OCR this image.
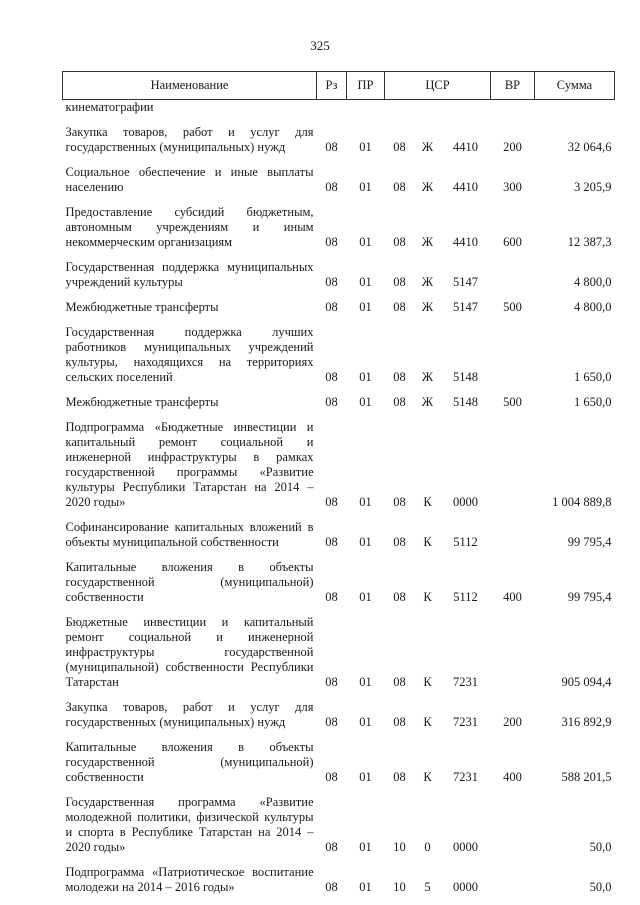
325
Наименование	Рз	ПР	ЦСР			ВР	Сумма
кинематографии							
Закупка товаров, работ и услуг для государственных (муниципальных) нужд	08	01	08	Ж	4410	200	32 064,6
Социальное обеспечение и иные выплаты населению	08	01	08	Ж	4410	300	3 205,9
Предоставление субсидий бюджетным, автономным учреждениям и иным некоммерческим организациям	08	01	08	Ж	4410	600	12 387,3
Государственная поддержка муниципальных учреждений культуры	08	01	08	Ж	5147		4 800,0
Межбюджетные трансферты	08	01	08	Ж	5147	500	4 800,0
Государственная поддержка лучших работников муниципальных учреждений культуры, находящихся на территориях сельских поселений	08	01	08	Ж	5148		1 650,0
Межбюджетные трансферты	08	01	08	Ж	5148	500	1 650,0
Подпрограмма «Бюджетные инвестиции и капитальный ремонт социальной и инженерной инфраструктуры в рамках государственной программы «Развитие культуры Республики Татарстан на 2014 – 2020 годы»	08	01	08	К	0000		1 004 889,8
Софинансирование капитальных вложений в объекты муниципальной собственности	08	01	08	К	5112		99 795,4
Капитальные вложения в объекты государственной (муниципальной) собственности	08	01	08	К	5112	400	99 795,4
Бюджетные инвестиции и капитальный ремонт социальной и инженерной инфраструктуры государственной (муниципальной) собственности Республики Татарстан	08	01	08	К	7231		905 094,4
Закупка товаров, работ и услуг для государственных (муниципальных) нужд	08	01	08	К	7231	200	316 892,9
Капитальные вложения в объекты государственной (муниципальной) собственности	08	01	08	К	7231	400	588 201,5
Государственная программа «Развитие молодежной политики, физической культуры и спорта в Республике Татарстан на 2014 – 2020 годы»	08	01	10	0	0000		50,0
Подпрограмма «Патриотическое воспитание молодежи на 2014 – 2016 годы»	08	01	10	5	0000		50,0
